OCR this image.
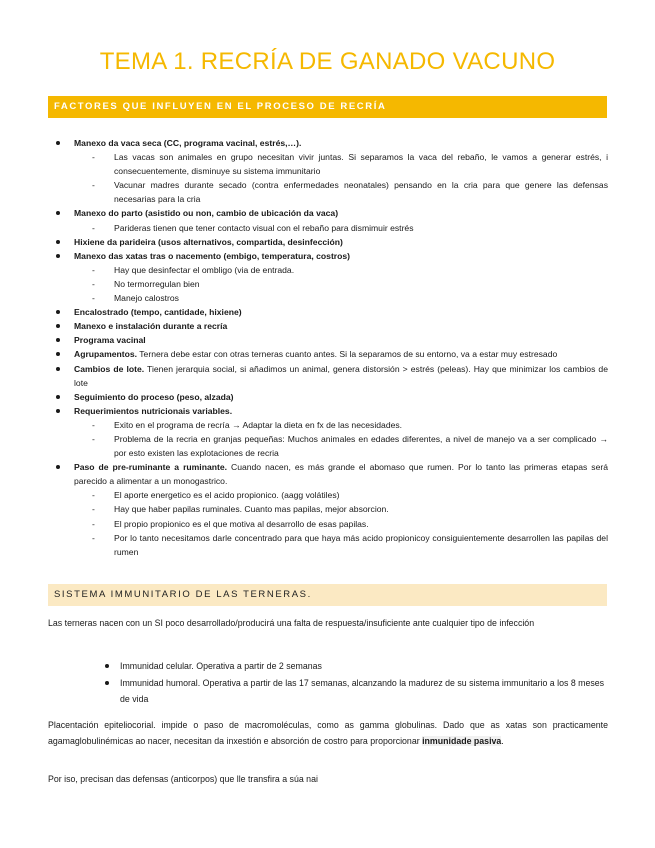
TEMA 1. RECRÍA DE GANADO VACUNO
FACTORES QUE INFLUYEN EN EL PROCESO DE RECRÍA
Manexo da vaca seca (CC, programa vacinal, estrés,…).
- Las vacas son animales en grupo necesitan vivir juntas. Si separamos la vaca del rebaño, le vamos a generar estrés, i consecuentemente, disminuye su sistema immunitario
- Vacunar madres durante secado (contra enfermedades neonatales) pensando en la cria para que genere las defensas necesarias para la cria
Manexo do parto (asistido ou non, cambio de ubicación da vaca)
- Parideras tienen que tener contacto visual con el rebaño para dismimuir estrés
Hixiene da parideira (usos alternativos, compartida, desinfección)
Manexo das xatas tras o nacemento (embigo, temperatura, costros)
- Hay que desinfectar el ombligo (via de entrada.
- No termorregulan bien
- Manejo calostros
Encalostrado (tempo, cantidade, hixiene)
Manexo e instalación durante a recría
Programa vacinal
Agrupamentos. Ternera debe estar con otras terneras cuanto antes. Si la separamos de su entorno, va a estar muy estresado
Cambios de lote. Tienen jerarquia social, si añadimos un animal, genera distorsión > estrés (peleas). Hay que minimizar los cambios de lote
Seguimiento do proceso (peso, alzada)
Requerimientos nutricionais variables.
- Exito en el programa de recría → Adaptar la dieta en fx de las necesidades.
- Problema de la recria en granjas pequeñas: Muchos animales en edades diferentes, a nivel de manejo va a ser complicado → por esto existen las explotaciones de recria
Paso de pre-ruminante a ruminante. Cuando nacen, es más grande el abomaso que rumen. Por lo tanto las primeras etapas será parecido a alimentar a un monogastrico.
- El aporte energetico es el acido propionico. (aagg volátiles)
- Hay que haber papilas ruminales. Cuanto mas papilas, mejor absorcion.
- El propio propionico es el que motiva al desarrollo de esas papilas.
- Por lo tanto necesitamos darle concentrado para que haya más acido propionicoy consiguientemente desarrollen las papilas del rumen
SISTEMA IMMUNITARIO DE LAS TERNERAS.
Las terneras nacen con un SI poco desarrollado/producirá una falta de respuesta/insuficiente ante cualquier tipo de infección
Immunidad celular. Operativa a partir de 2 semanas
Immunidad humoral. Operativa a partir de las 17 semanas, alcanzando la madurez de su sistema immunitario a los 8 meses de vida
Placentación epiteliocorial. impide o paso de macromoléculas, como as gamma globulinas. Dado que as xatas son practicamente agamaglobulinémicas ao nacer, necesitan da inxestión e absorción de costro para proporcionar inmunidade pasiva.
Por iso, precisan das defensas (anticorpos) que lle transfira a súa nai
